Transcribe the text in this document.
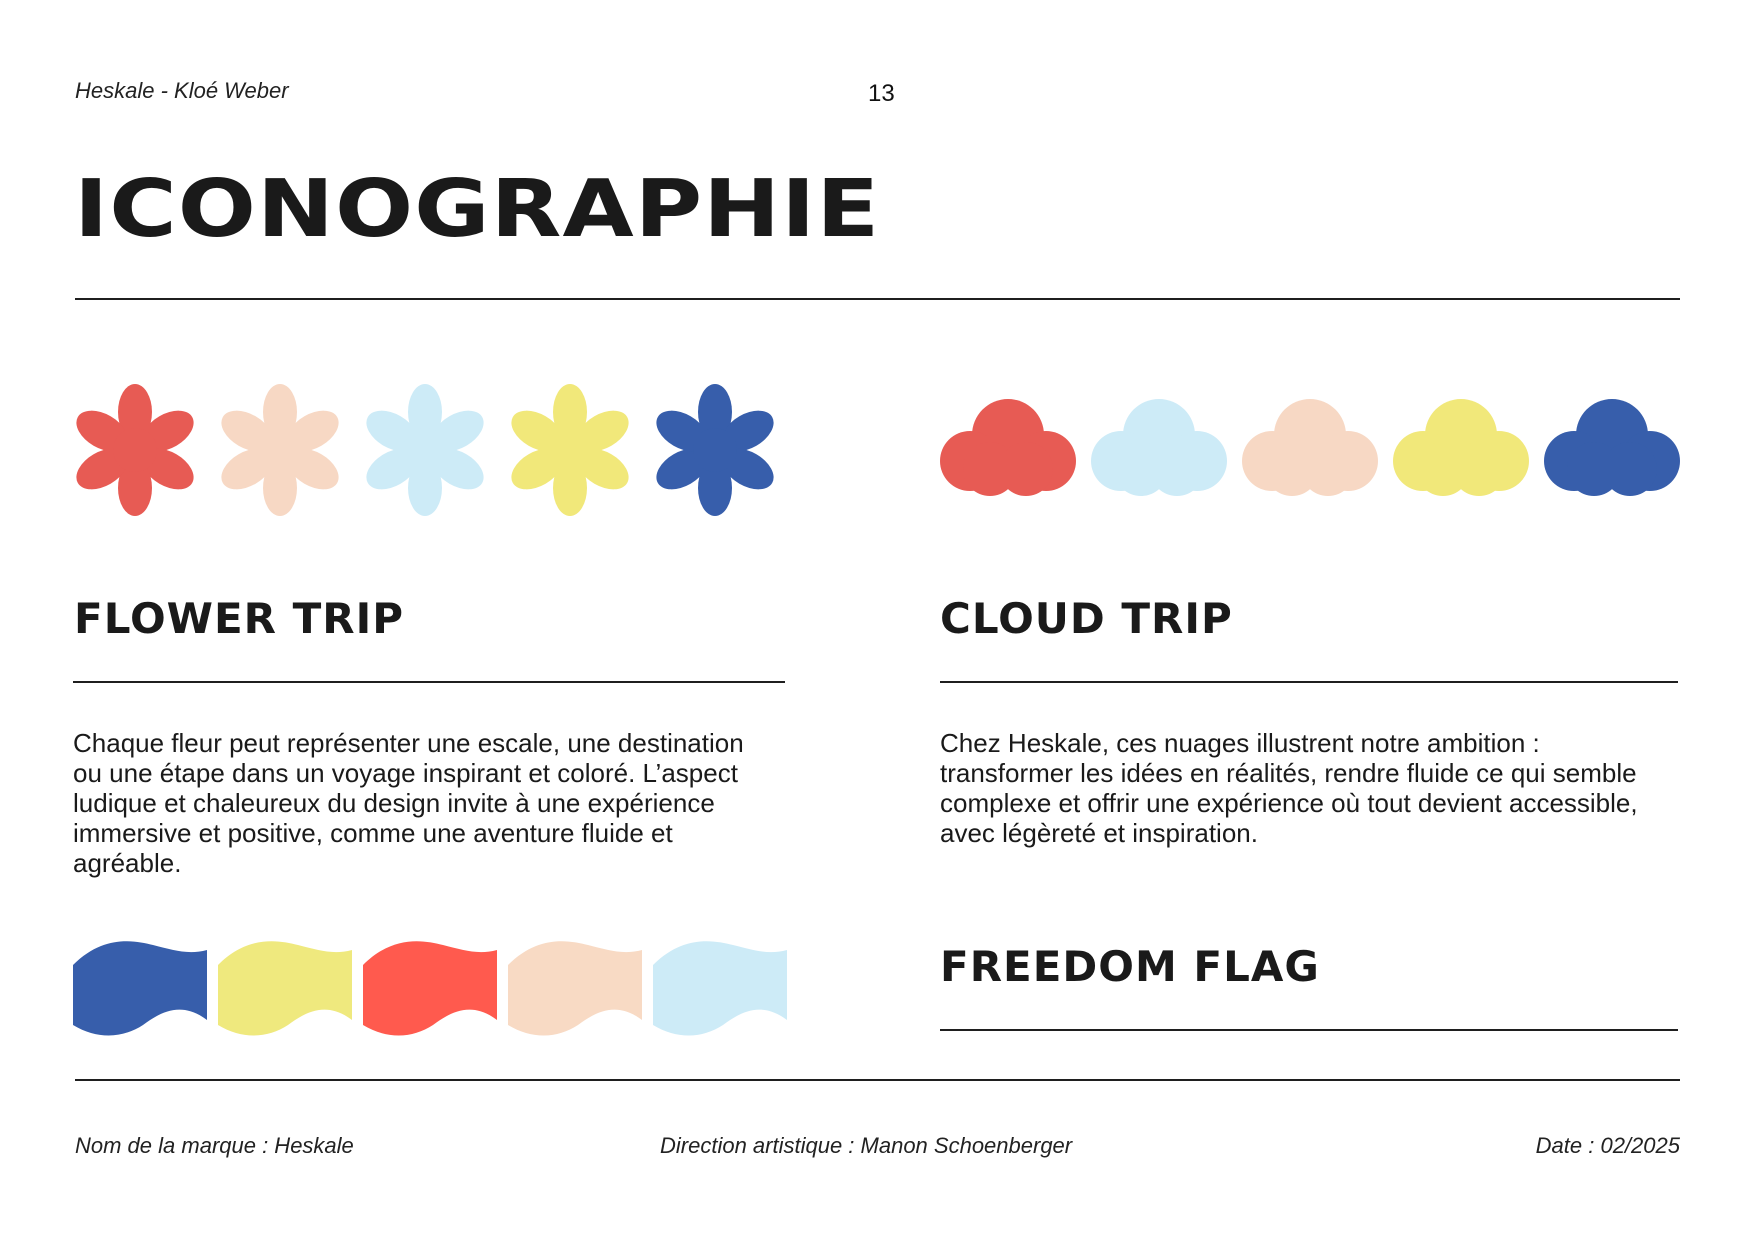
Heskale - Kloé Weber	13
ICONOGRAPHIE
FLOWER TRIP	CLOUD TRIP
Chaque fleur peut représenter une escale, une destination ou une étape dans un voyage inspirant et coloré. L’aspect ludique et chaleureux du design invite à une expérience immersive et positive, comme une aventure fluide et agréable.
Chez Heskale, ces nuages illustrent notre ambition : transformer les idées en réalités, rendre fluide ce qui semble complexe et offrir une expérience où tout devient accessible, avec légèreté et inspiration.
FREEDOM FLAG
Nom de la marque : Heskale	Direction artistique : Manon Schoenberger	Date : 02/2025
